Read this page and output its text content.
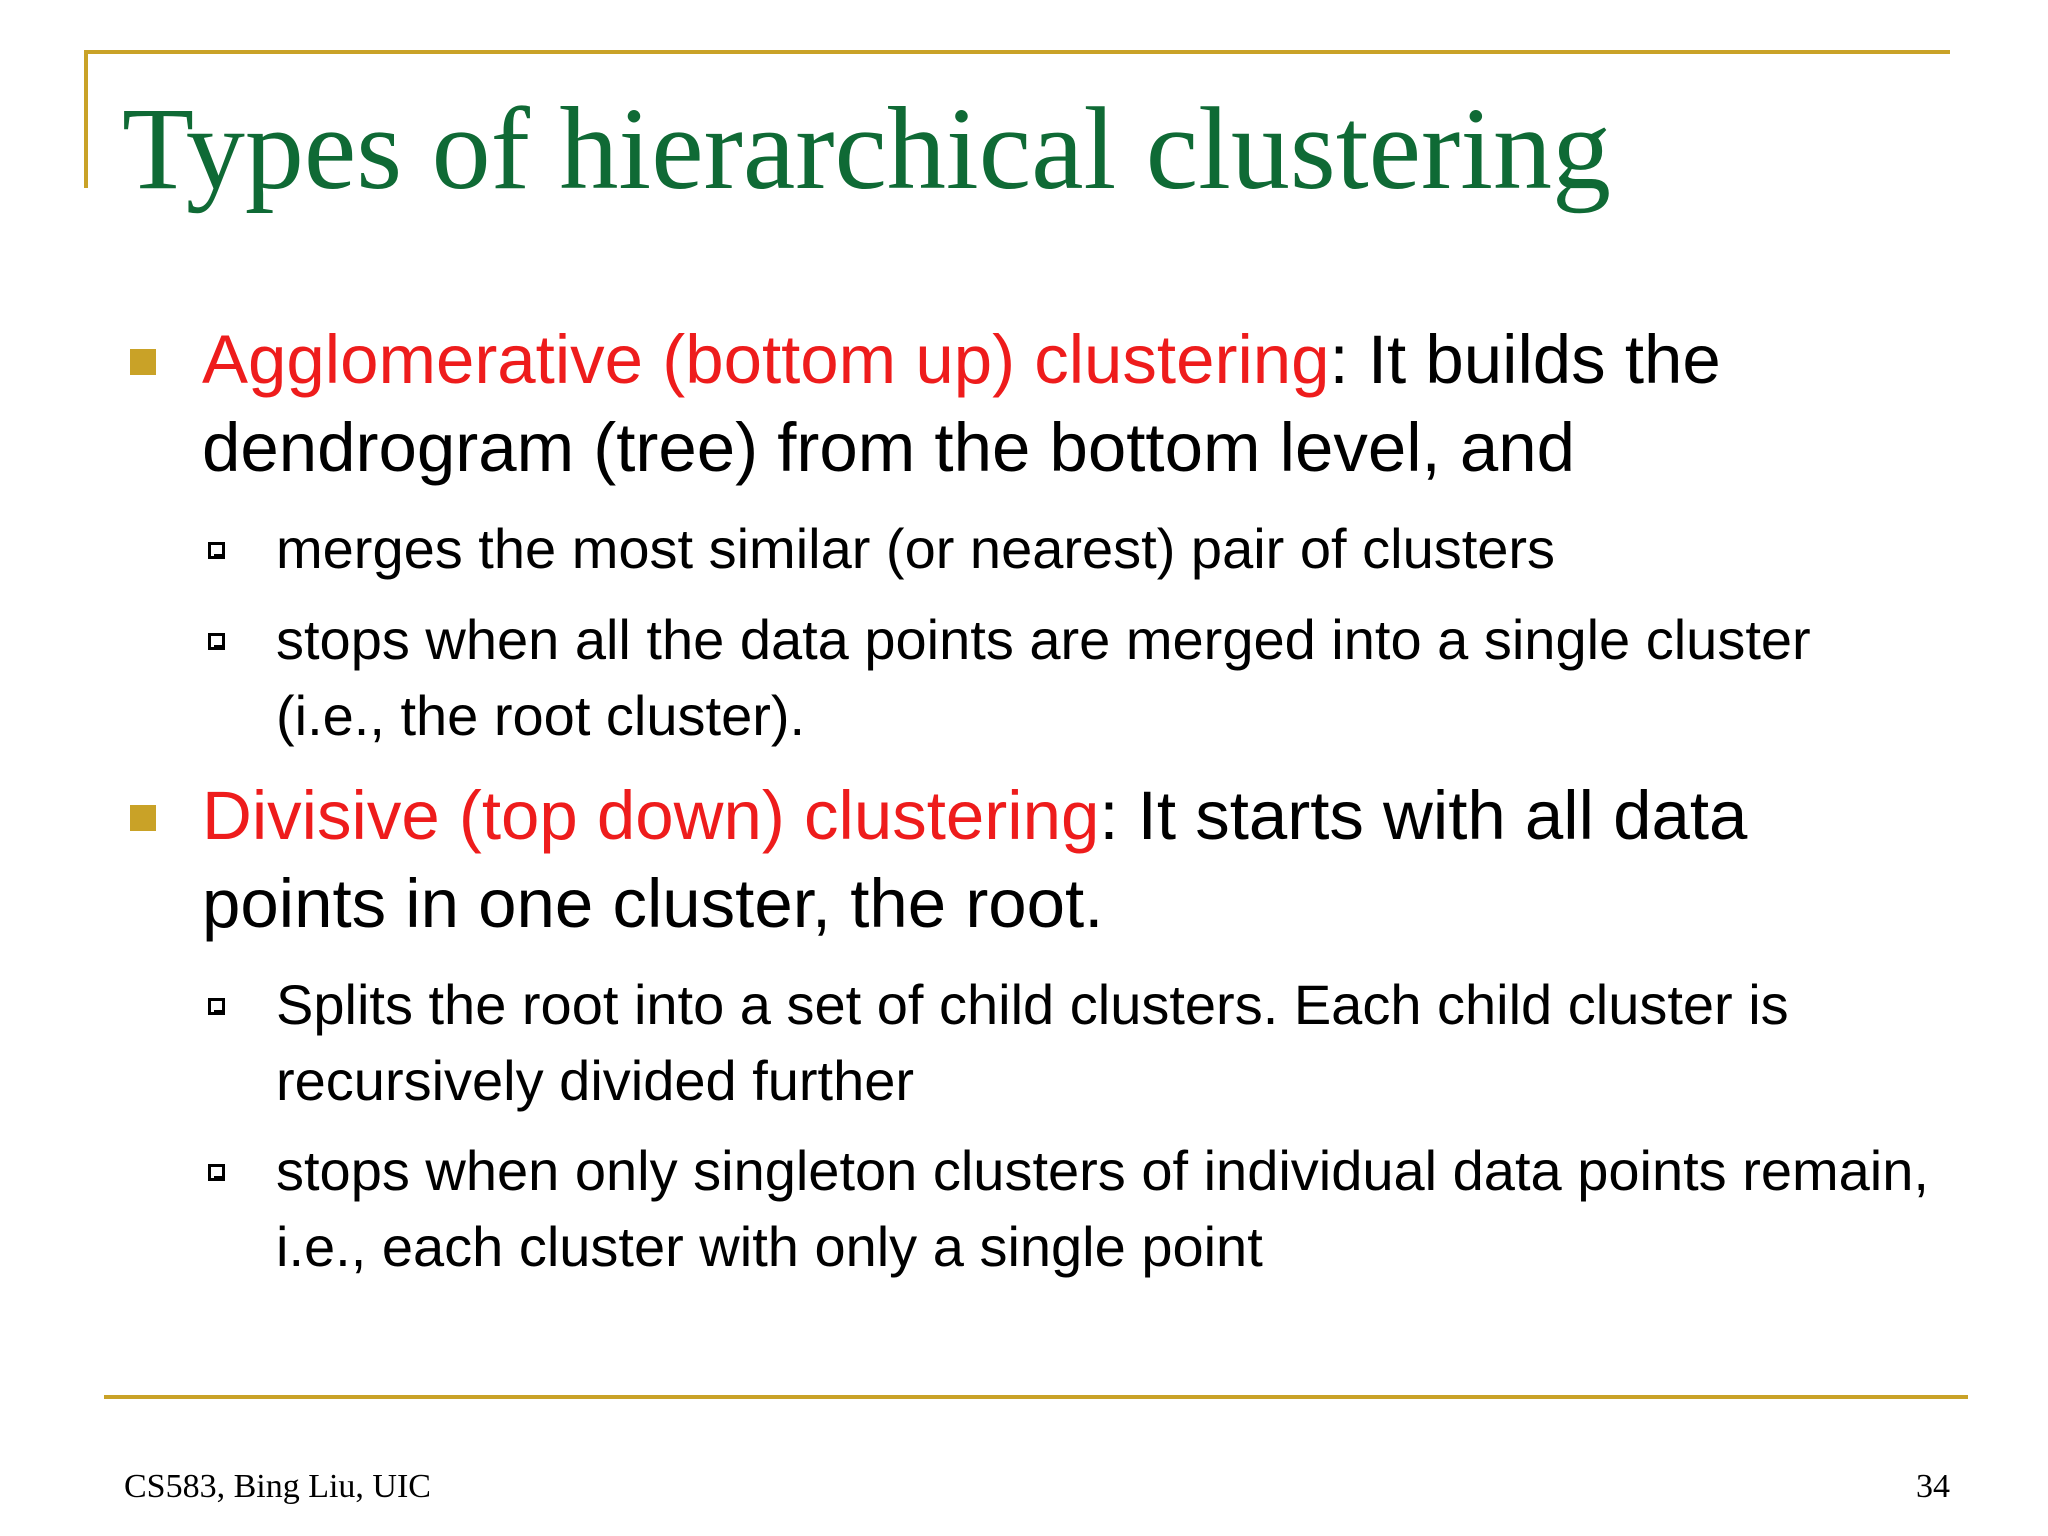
Types of hierarchical clustering
Agglomerative (bottom up) clustering: It builds the dendrogram (tree) from the bottom level, and
merges the most similar (or nearest) pair of clusters
stops when all the data points are merged into a single cluster (i.e., the root cluster).
Divisive (top down) clustering: It starts with all data points in one cluster, the root.
Splits the root into a set of child clusters. Each child cluster is recursively divided further
stops when only singleton clusters of individual data points remain, i.e., each cluster with only a single point
CS583, Bing Liu, UIC	34
